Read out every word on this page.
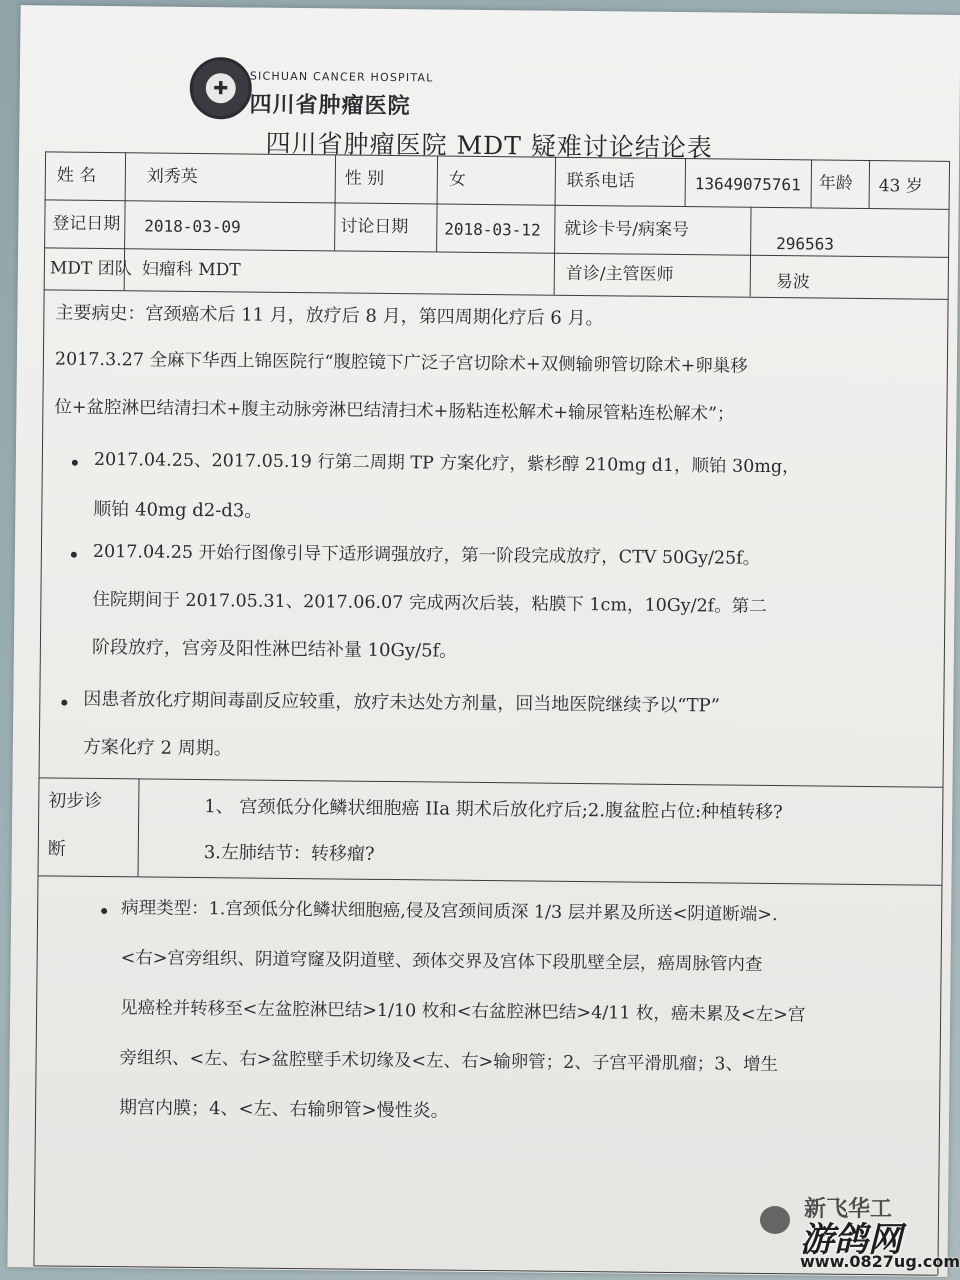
✚
SICHUAN CANCER HOSPITAL
四川省肿瘤医院
四川省肿瘤医院 MDT 疑难讨论结论表
姓 名	刘秀英	性 别	女	联系电话	13649075761 年龄 43 岁
登记日期 2018-03-09	讨论日期 2018-03-12 就诊卡号/病案号
296563
MDT 团队 妇瘤科 MDT	首诊/主管医师	易波
主要病史：宫颈癌术后 11 月，放疗后 8 月，第四周期化疗后 6 月。
2017.3.27 全麻下华西上锦医院行“腹腔镜下广泛子宫切除术+双侧输卵管切除术+卵巢移
位+盆腔淋巴结清扫术+腹主动脉旁淋巴结清扫术+肠粘连松解术+输尿管粘连松解术”；
2017.04.25、2017.05.19 行第二周期 TP 方案化疗，紫杉醇 210mg d1，顺铂 30mg，
顺铂 40mg d2-d3。
2017.04.25 开始行图像引导下适形调强放疗，第一阶段完成放疗，CTV 50Gy/25f。
住院期间于 2017.05.31、2017.06.07 完成两次后装，粘膜下 1cm，10Gy/2f。第二
阶段放疗，宫旁及阳性淋巴结补量 10Gy/5f。
因患者放化疗期间毒副反应较重，放疗未达处方剂量，回当地医院继续予以“TP”
方案化疗 2 周期。
初步诊
断
1、 宫颈低分化鳞状细胞癌 IIa 期术后放化疗后;2.腹盆腔占位:种植转移?
3.左肺结节：转移瘤?
病理类型：1.宫颈低分化鳞状细胞癌,侵及宫颈间质深 1/3 层并累及所送<阴道断端>.
<右>宫旁组织、阴道穹窿及阴道壁、颈体交界及宫体下段肌壁全层，癌周脉管内查
见癌栓并转移至<左盆腔淋巴结>1/10 枚和<右盆腔淋巴结>4/11 枚，癌未累及<左>宫
旁组织、<左、右>盆腔壁手术切缘及<左、右>输卵管；2、子宫平滑肌瘤；3、增生
期宫内膜；4、<左、右输卵管>慢性炎。
新飞华工
游鸽网
www.0827ug.com
